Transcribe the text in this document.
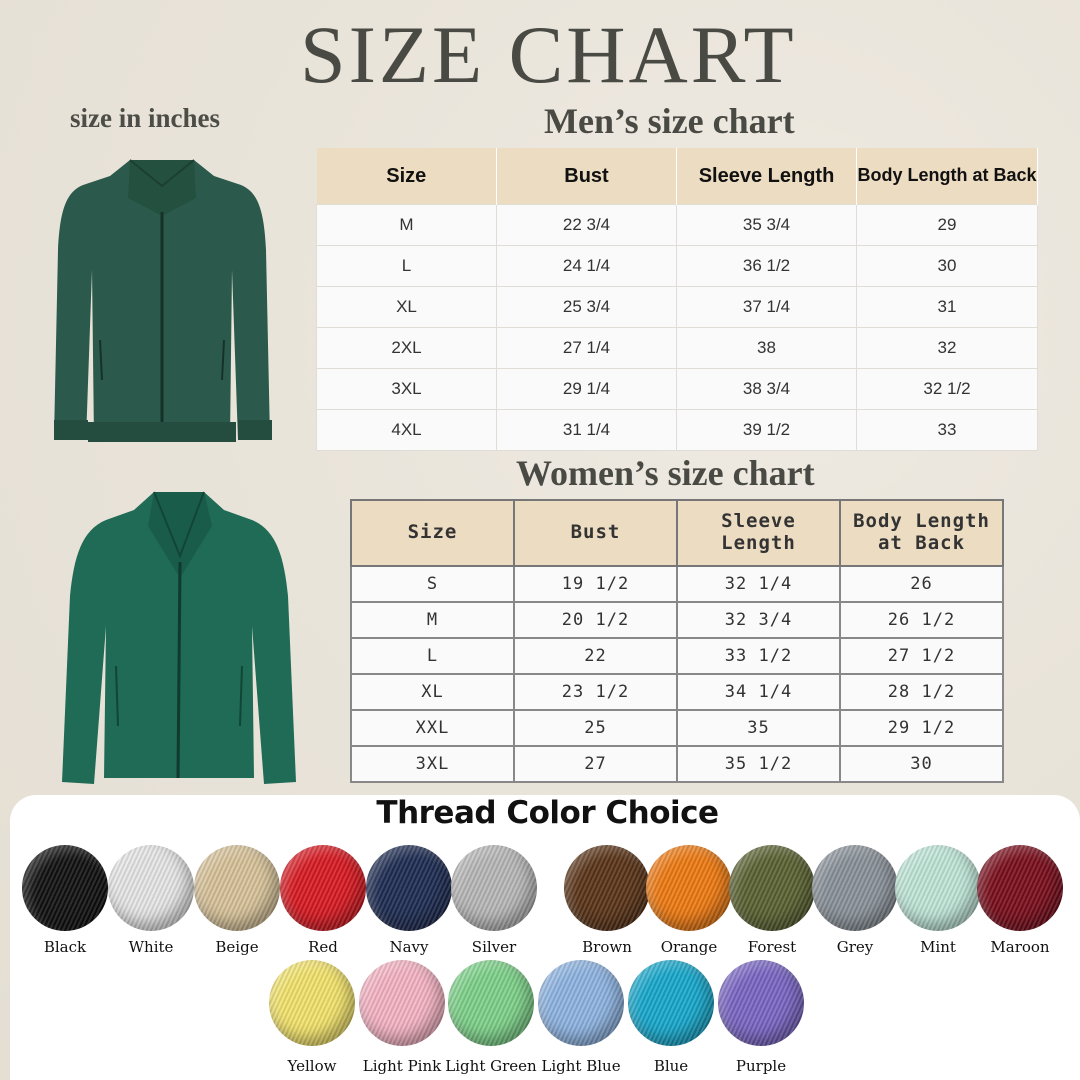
SIZE CHART
size in inches	Men’s size chart
Size	Bust	Sleeve Length	Body Length at Back
M	22 3/4	35 3/4	29
L	24 1/4	36 1/2	30
XL	25 3/4	37 1/4	31
2XL	27 1/4	38	32
3XL	29 1/4	38 3/4	32 1/2
4XL	31 1/4	39 1/2	33
Women’s size chart
Size	Bust	Sleeve Length	Body Length at Back
S	19 1/2	32 1/4	26
M	20 1/2	32 3/4	26 1/2
L	22	33 1/2	27 1/2
XL	23 1/2	34 1/4	28 1/2
XXL	25	35	29 1/2
3XL	27	35 1/2	30
Thread Color Choice
Black	White	Beige	Red	Navy	Silver	Brown	Orange	Forest	Grey	Mint	Maroon
Yellow	Light Pink Light Green Light Blue	Blue	Purple
